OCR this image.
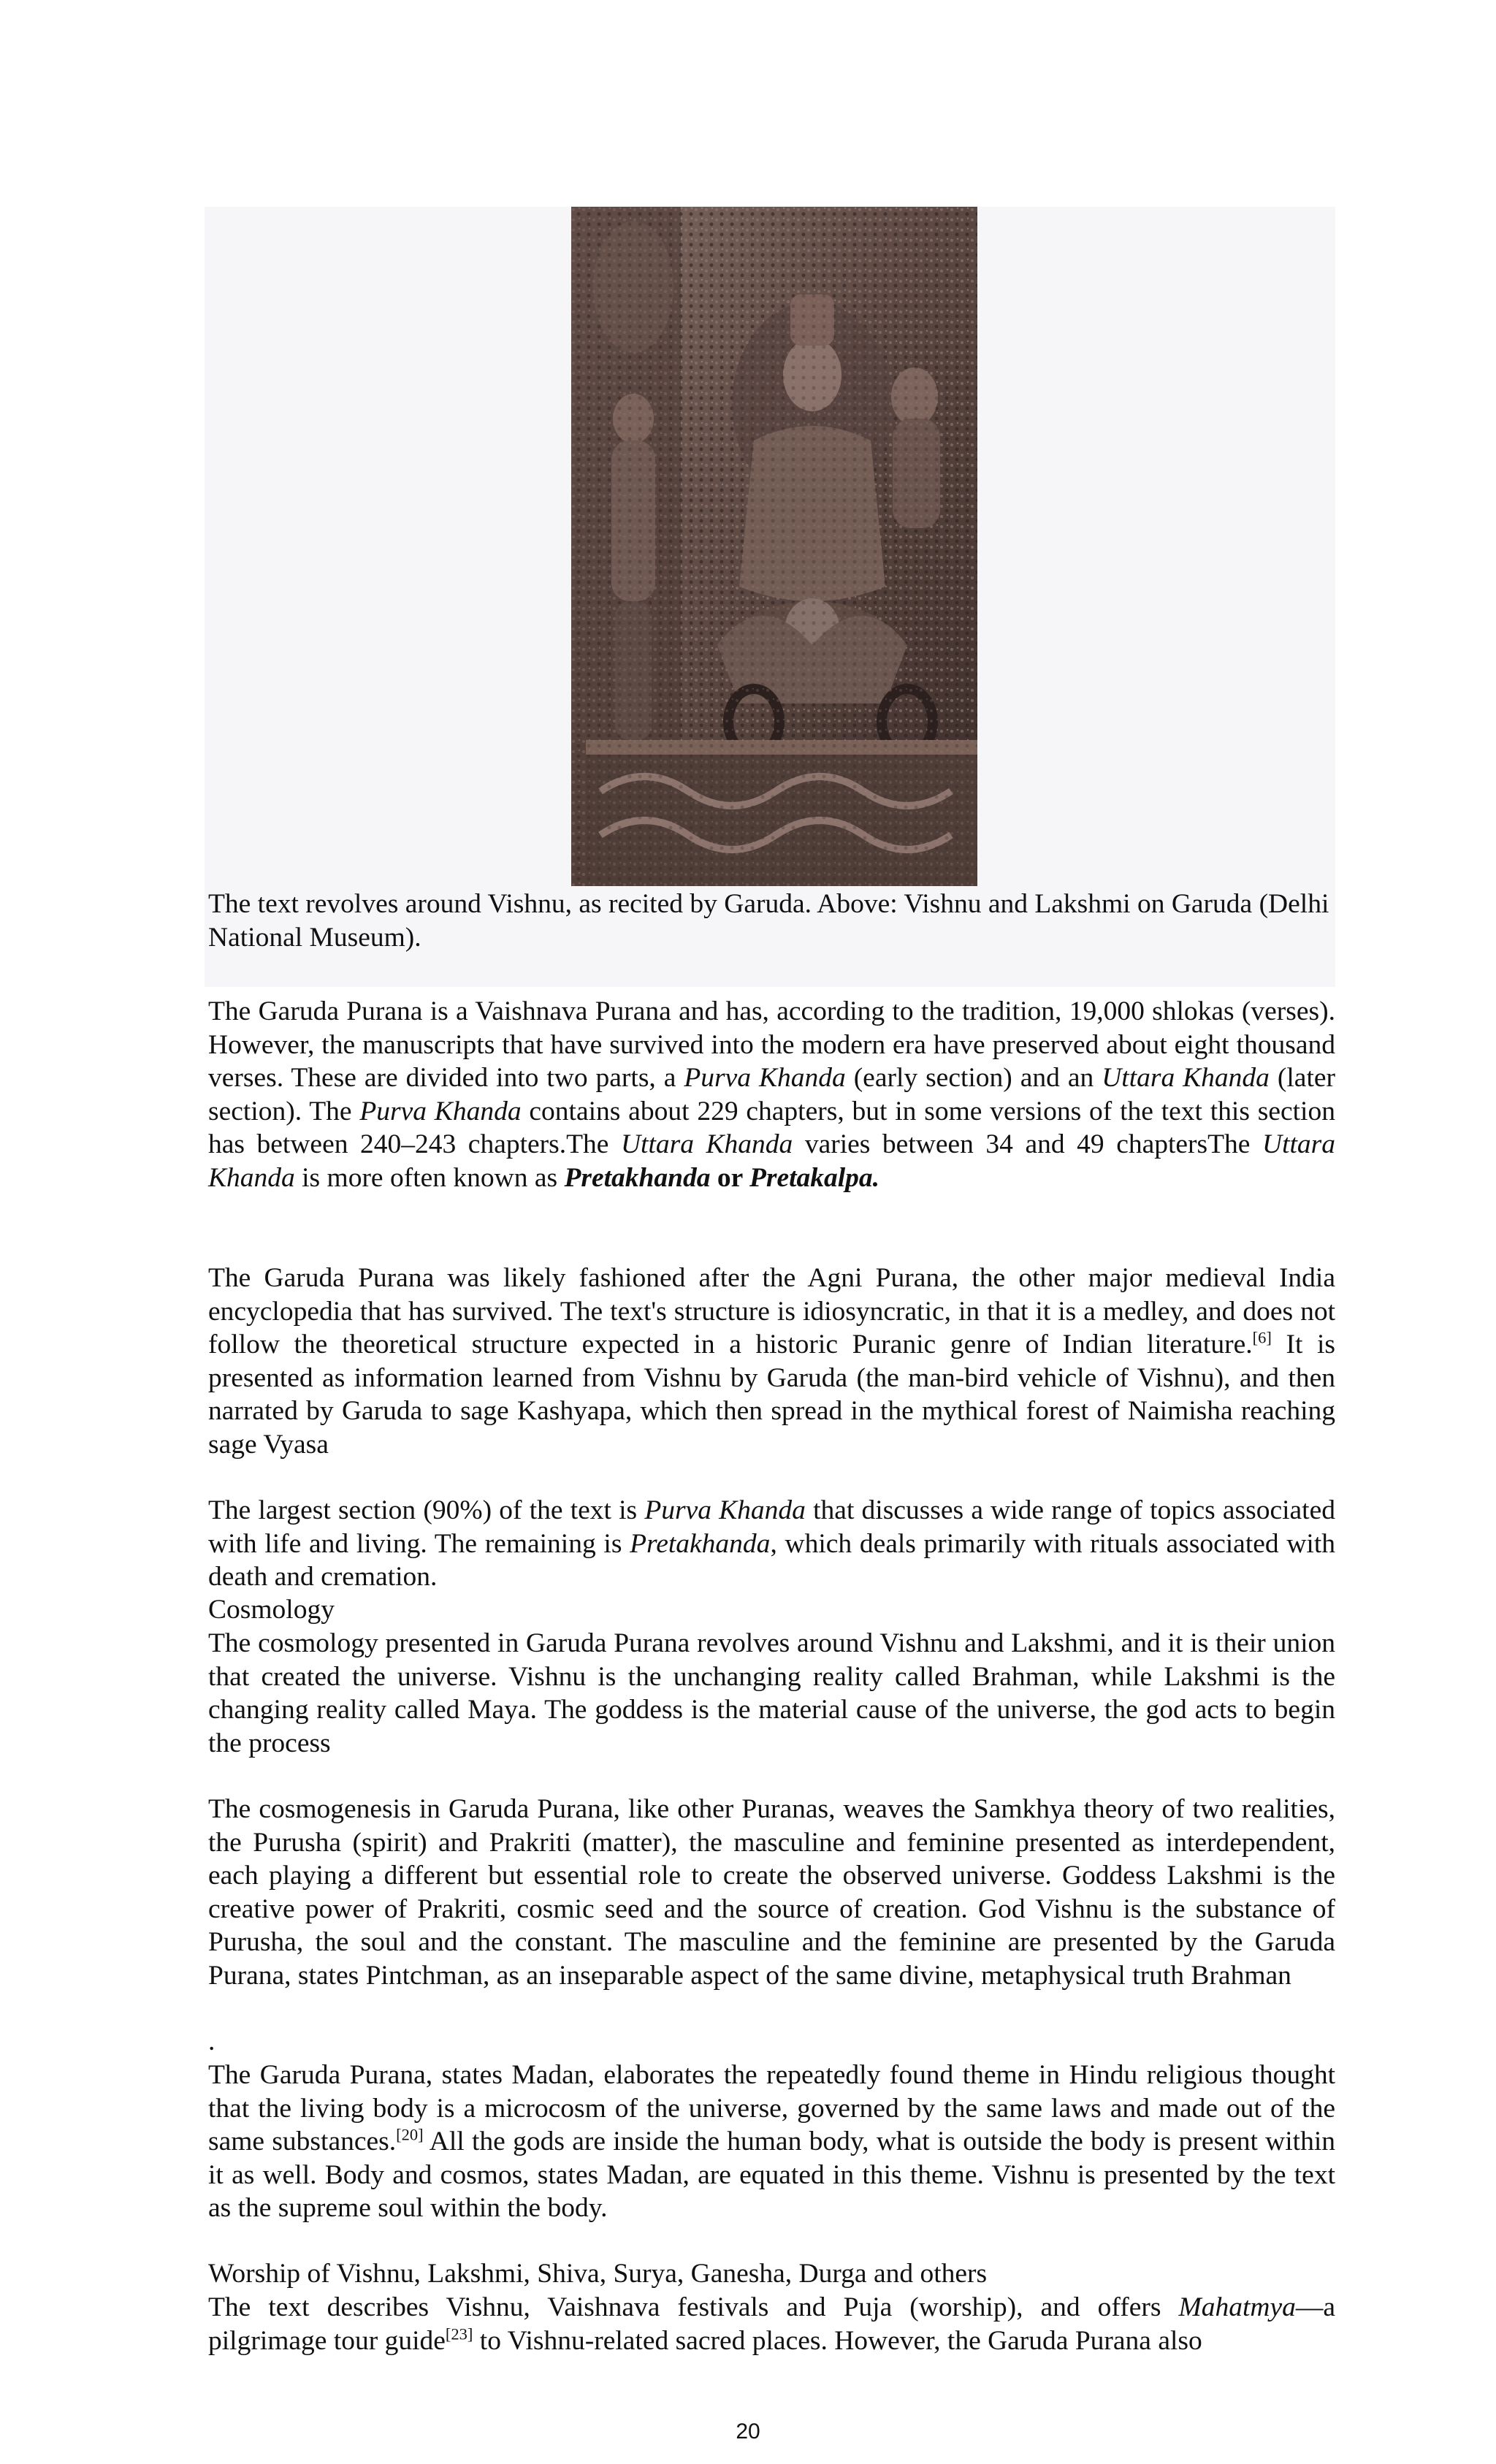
The text revolves around Vishnu, as recited by Garuda. Above: Vishnu and Lakshmi on Garuda (Delhi National Museum).

The Garuda Purana is a Vaishnava Purana and has, according to the tradition, 19,000 shlokas (verses). However, the manuscripts that have survived into the modern era have preserved about eight thousand verses. These are divided into two parts, a Purva Khanda (early section) and an Uttara Khanda (later section). The Purva Khanda contains about 229 chapters, but in some versions of the text this section has between 240–243 chapters.The Uttara Khanda varies between 34 and 49 chaptersThe Uttara Khanda is more often known as Pretakhanda or Pretakalpa.

The Garuda Purana was likely fashioned after the Agni Purana, the other major medieval India encyclopedia that has survived. The text's structure is idiosyncratic, in that it is a medley, and does not follow the theoretical structure expected in a historic Puranic genre of Indian literature.[6] It is presented as information learned from Vishnu by Garuda (the man-bird vehicle of Vishnu), and then narrated by Garuda to sage Kashyapa, which then spread in the mythical forest of Naimisha reaching sage Vyasa

The largest section (90%) of the text is Purva Khanda that discusses a wide range of topics associated with life and living. The remaining is Pretakhanda, which deals primarily with rituals associated with death and cremation.

Cosmology

The cosmology presented in Garuda Purana revolves around Vishnu and Lakshmi, and it is their union that created the universe. Vishnu is the unchanging reality called Brahman, while Lakshmi is the changing reality called Maya. The goddess is the material cause of the universe, the god acts to begin the process

The cosmogenesis in Garuda Purana, like other Puranas, weaves the Samkhya theory of two realities, the Purusha (spirit) and Prakriti (matter), the masculine and feminine presented as interdependent, each playing a different but essential role to create the observed universe. Goddess Lakshmi is the creative power of Prakriti, cosmic seed and the source of creation. God Vishnu is the substance of Purusha, the soul and the constant. The masculine and the feminine are presented by the Garuda Purana, states Pintchman, as an inseparable aspect of the same divine, metaphysical truth Brahman

.

The Garuda Purana, states Madan, elaborates the repeatedly found theme in Hindu religious thought that the living body is a microcosm of the universe, governed by the same laws and made out of the same substances.[20] All the gods are inside the human body, what is outside the body is present within it as well. Body and cosmos, states Madan, are equated in this theme. Vishnu is presented by the text as the supreme soul within the body.

Worship of Vishnu, Lakshmi, Shiva, Surya, Ganesha, Durga and others

The text describes Vishnu, Vaishnava festivals and Puja (worship), and offers Mahatmya—a pilgrimage tour guide[23] to Vishnu-related sacred places. However, the Garuda Purana also

20
